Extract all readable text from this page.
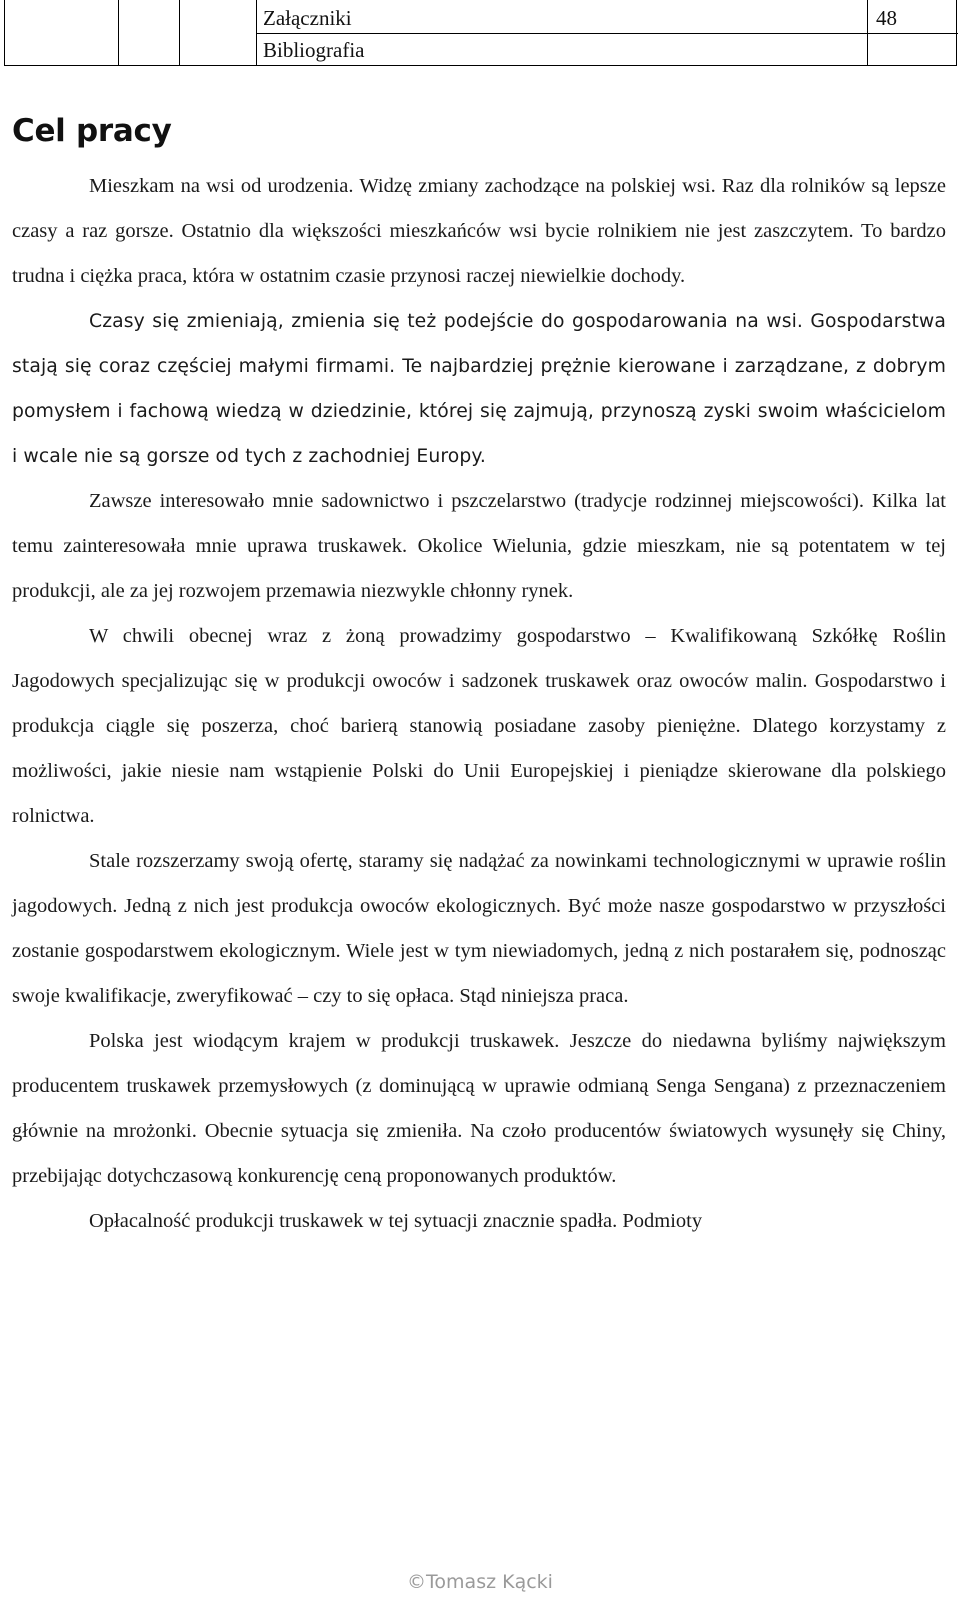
Załączniki	48
Bibliografia
Cel pracy

Mieszkam na wsi od urodzenia. Widzę zmiany zachodzące na polskiej wsi. Raz dla rolników są lepsze czasy a raz gorsze. Ostatnio dla większości mieszkańców wsi bycie rolnikiem nie jest zaszczytem. To bardzo trudna i ciężka praca, która w ostatnim czasie przynosi raczej niewielkie dochody.

Czasy się zmieniają, zmienia się też podejście do gospodarowania na wsi. Gospodarstwa stają się coraz częściej małymi firmami. Te najbardziej prężnie kierowane i zarządzane, z dobrym pomysłem i fachową wiedzą w dziedzinie, której się zajmują, przynoszą zyski swoim właścicielom i wcale nie są gorsze od tych z zachodniej Europy.

Zawsze interesowało mnie sadownictwo i pszczelarstwo (tradycje rodzinnej miejscowości). Kilka lat temu zainteresowała mnie uprawa truskawek. Okolice Wielunia, gdzie mieszkam, nie są potentatem w tej produkcji, ale za jej rozwojem przemawia niezwykle chłonny rynek.

W chwili obecnej wraz z żoną prowadzimy gospodarstwo – Kwalifikowaną Szkółkę Roślin Jagodowych specjalizując się w produkcji owoców i sadzonek truskawek oraz owoców malin. Gospodarstwo i produkcja ciągle się poszerza, choć barierą stanowią posiadane zasoby pieniężne. Dlatego korzystamy z możliwości, jakie niesie nam wstąpienie Polski do Unii Europejskiej i pieniądze skierowane dla polskiego rolnictwa.

Stale rozszerzamy swoją ofertę, staramy się nadążać za nowinkami technologicznymi w uprawie roślin jagodowych. Jedną z nich jest produkcja owoców ekologicznych. Być może nasze gospodarstwo w przyszłości zostanie gospodarstwem ekologicznym. Wiele jest w tym niewiadomych, jedną z nich postarałem się, podnosząc swoje kwalifikacje, zweryfikować – czy to się opłaca. Stąd niniejsza praca.

Polska jest wiodącym krajem w produkcji truskawek. Jeszcze do niedawna byliśmy największym producentem truskawek przemysłowych (z dominującą w uprawie odmianą Senga Sengana) z przeznaczeniem głównie na mrożonki. Obecnie sytuacja się zmieniła. Na czoło producentów światowych wysunęły się Chiny, przebijając dotychczasową konkurencję ceną proponowanych produktów.

Opłacalność produkcji truskawek w tej sytuacji znacznie spadła. Podmioty

©Tomasz Kącki
